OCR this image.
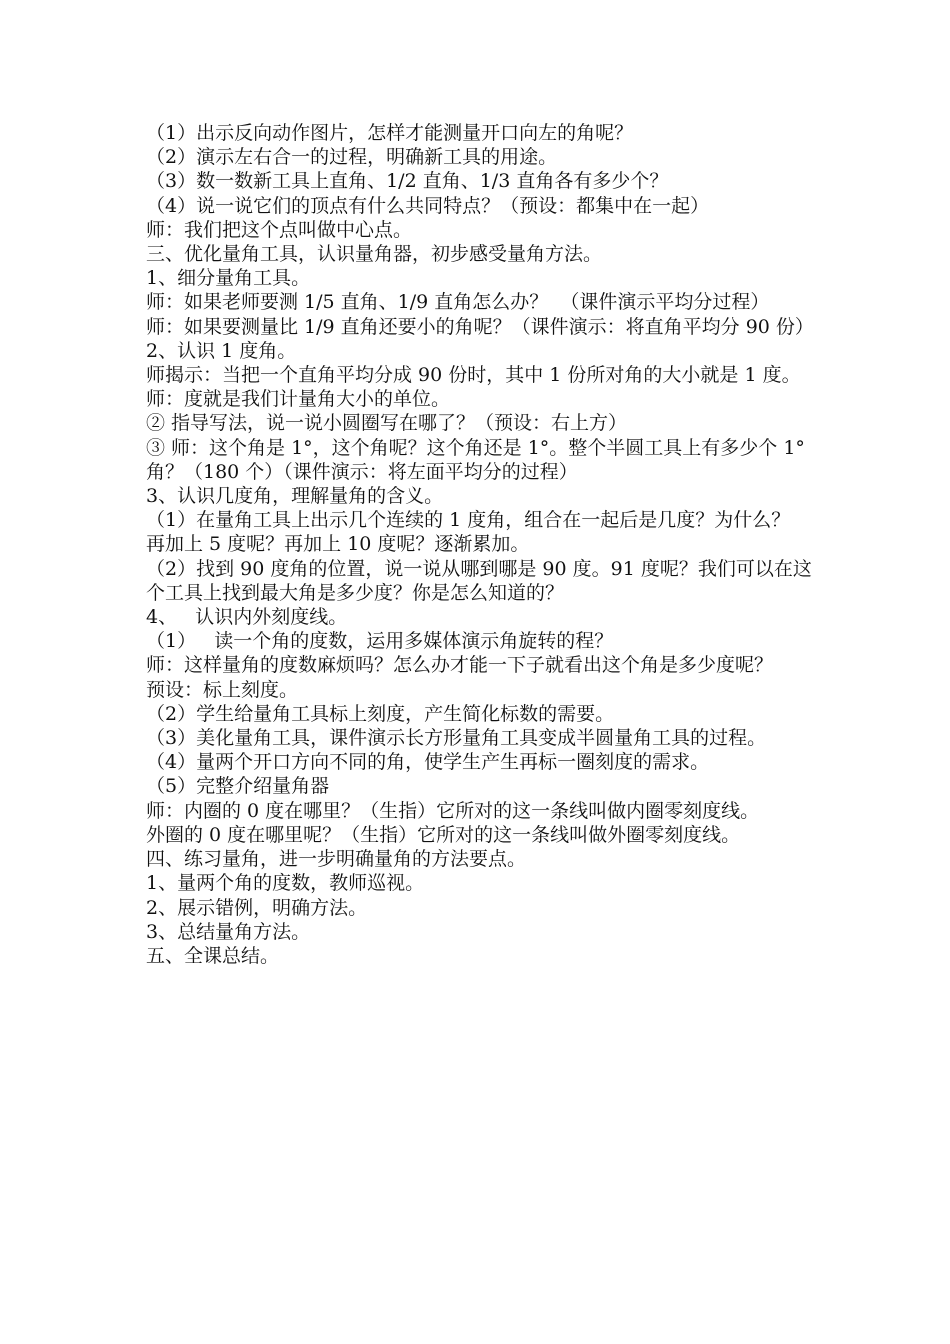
（1）出示反向动作图片，怎样才能测量开口向左的角呢？

（2）演示左右合一的过程，明确新工具的用途。

（3）数一数新工具上直角、1/2 直角、1/3 直角各有多少个？

（4）说一说它们的顶点有什么共同特点？（预设：都集中在一起）

师：我们把这个点叫做中心点。

三、优化量角工具，认识量角器，初步感受量角方法。

1、细分量角工具。

师：如果老师要测 1/5 直角、1/9 直角怎么办？  （课件演示平均分过程）

师：如果要测量比 1/9 直角还要小的角呢？（课件演示：将直角平均分 90 份）

2、认识 1 度角。

师揭示：当把一个直角平均分成 90 份时，其中 1 份所对角的大小就是 1 度。

师：度就是我们计量角大小的单位。

② 指导写法，说一说小圆圈写在哪了？（预设：右上方）

③ 师：这个角是 1°，这个角呢？这个角还是 1°。整个半圆工具上有多少个 1°角？（180 个）（课件演示：将左面平均分的过程）

3、认识几度角，理解量角的含义。

（1）在量角工具上出示几个连续的 1 度角，组合在一起后是几度？为什么？

再加上 5 度呢？再加上 10 度呢？逐渐累加。

（2）找到 90 度角的位置，说一说从哪到哪是 90 度。91 度呢？我们可以在这个工具上找到最大角是多少度？你是怎么知道的？

4、   认识内外刻度线。

（1）   读一个角的度数，运用多媒体演示角旋转的程？

师：这样量角的度数麻烦吗？怎么办才能一下子就看出这个角是多少度呢？

预设：标上刻度。

（2）学生给量角工具标上刻度，产生简化标数的需要。

（3）美化量角工具，课件演示长方形量角工具变成半圆量角工具的过程。

（4）量两个开口方向不同的角，使学生产生再标一圈刻度的需求。

（5）完整介绍量角器

师：内圈的 0 度在哪里？（生指）它所对的这一条线叫做内圈零刻度线。

外圈的 0 度在哪里呢？（生指）它所对的这一条线叫做外圈零刻度线。

四、练习量角，进一步明确量角的方法要点。

1、量两个角的度数，教师巡视。

2、展示错例，明确方法。

3、总结量角方法。

五、全课总结。
